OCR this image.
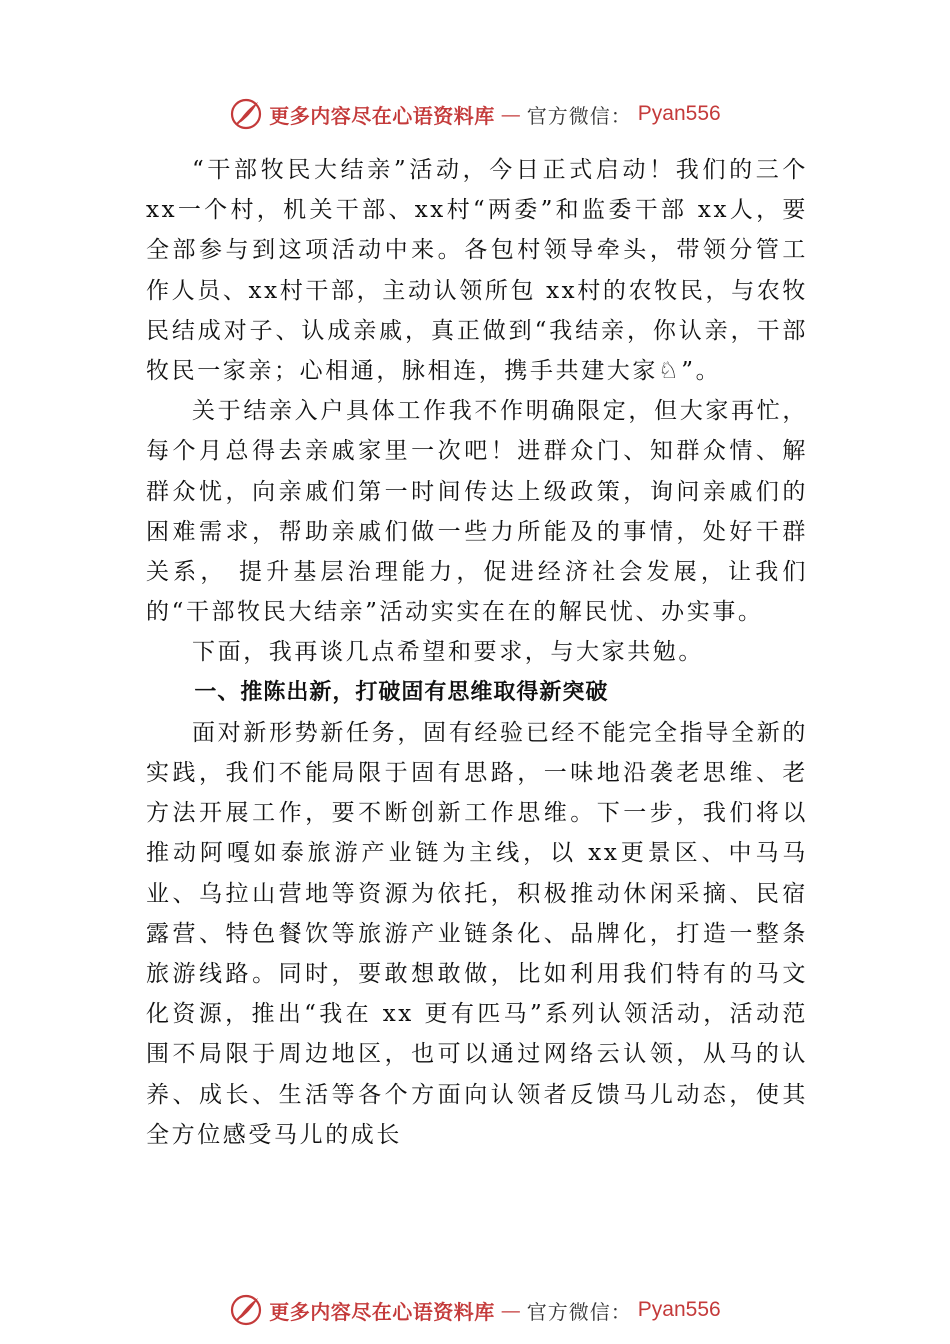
更多内容尽在心语资料库 — 官方微信： Pyan556

“干部牧民大结亲”活动，今日正式启动！我们的三个xx一个村，机关干部、xx村“两委”和监委干部 xx人，要全部参与到这项活动中来。各包村领导牵头，带领分管工作人员、xx村干部，主动认领所包 xx村的农牧民，与农牧民结成对子、认成亲戚，真正做到“我结亲，你认亲，干部牧民一家亲；心相通，脉相连，携手共建大家♘”。

关于结亲入户具体工作我不作明确限定，但大家再忙，每个月总得去亲戚家里一次吧！进群众门、知群众情、解群众忧，向亲戚们第一时间传达上级政策，询问亲戚们的困难需求，帮助亲戚们做一些力所能及的事情，处好干群关系， 提升基层治理能力，促进经济社会发展，让我们的“干部牧民大结亲”活动实实在在的解民忧、办实事。

下面，我再谈几点希望和要求，与大家共勉。

一、推陈出新，打破固有思维取得新突破

面对新形势新任务，固有经验已经不能完全指导全新的实践，我们不能局限于固有思路，一味地沿袭老思维、老方法开展工作，要不断创新工作思维。下一步，我们将以推动阿嘎如泰旅游产业链为主线，以 xx更景区、中马马业、乌拉山营地等资源为依托，积极推动休闲采摘、民宿露营、特色餐饮等旅游产业链条化、品牌化，打造一整条旅游线路。同时，要敢想敢做，比如利用我们特有的马文化资源，推出“我在 xx 更有匹马”系列认领活动，活动范围不局限于周边地区，也可以通过网络云认领，从马的认养、成长、生活等各个方面向认领者反馈马儿动态，使其全方位感受马儿的成长

更多内容尽在心语资料库 — 官方微信： Pyan556
